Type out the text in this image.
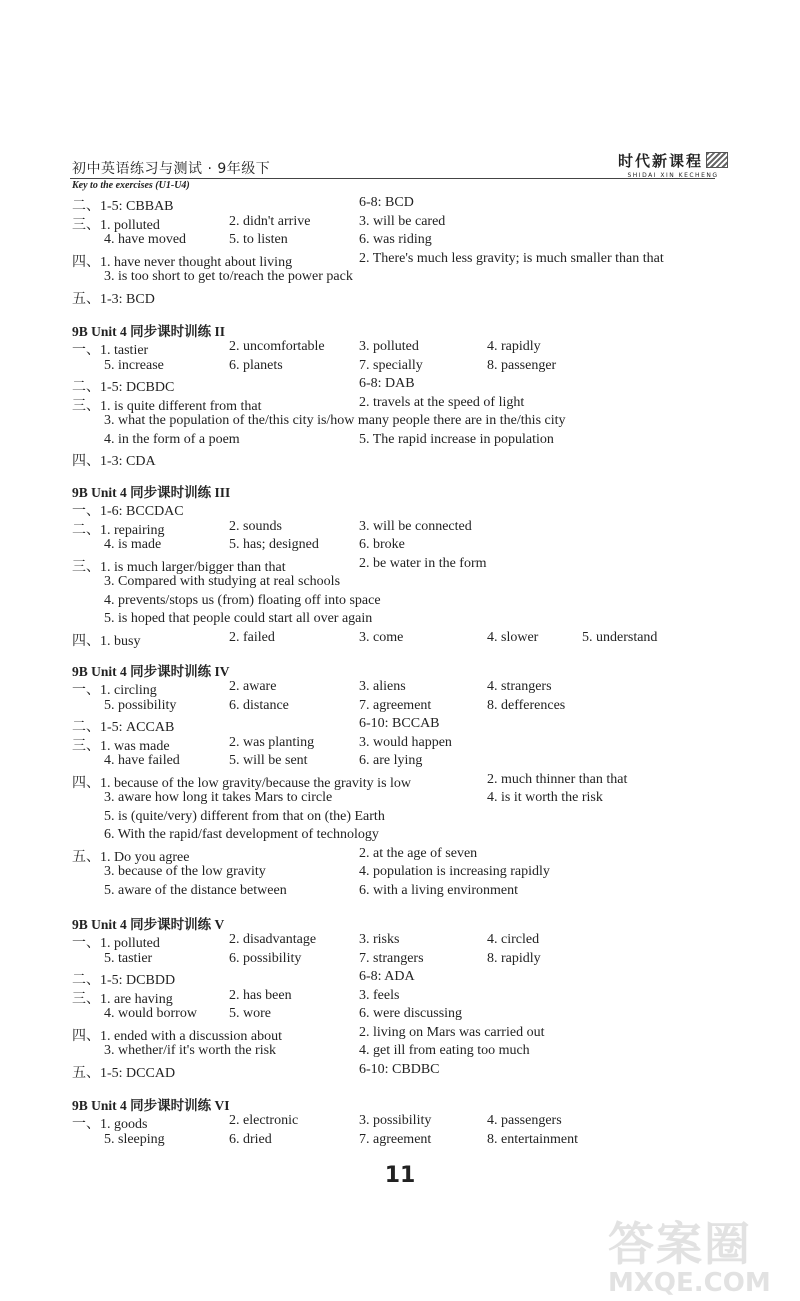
初中英语练习与测试 · 9年级下	时代新课程
SHIDAI XIN KECHENG
Key to the exercises (U1-U4)
二、1-5: CBBAB	6-8: BCD
三、1. polluted	2. didn't arrive	3. will be cared
4. have moved	5. to listen	6. was riding
四、1. have never thought about living	2. There's much less gravity; is much smaller than that
3. is too short to get to/reach the power pack
五、1-3: BCD
9B Unit 4 同步课时训练 II
一、1. tastier	2. uncomfortable 3. polluted	4. rapidly
5. increase	6. planets	7. specially	8. passenger
二、1-5: DCBDC	6-8: DAB
三、1. is quite different from that	2. travels at the speed of light
3. what the population of the/this city is/how many people there are in the/this city
4. in the form of a poem	5. The rapid increase in population
四、1-3: CDA
9B Unit 4 同步课时训练 III
一、1-6: BCCDAC
二、1. repairing	2. sounds	3. will be connected
4. is made	5. has; designed	6. broke
三、1. is much larger/bigger than that	2. be water in the form
3. Compared with studying at real schools
4. prevents/stops us (from) floating off into space
5. is hoped that people could start all over again
四、1. busy	2. failed	3. come	4. slower	5. understand
9B Unit 4 同步课时训练 IV
一、1. circling	2. aware	3. aliens	4. strangers
5. possibility	6. distance	7. agreement	8. defferences
二、1-5: ACCAB	6-10: BCCAB
三、1. was made	2. was planting	3. would happen
4. have failed	5. will be sent	6. are lying
四、1. because of the low gravity/because the gravity is low	2. much thinner than that
3. aware how long it takes Mars to circle	4. is it worth the risk
5. is (quite/very) different from that on (the) Earth
6. With the rapid/fast development of technology
五、1. Do you agree	2. at the age of seven
3. because of the low gravity	4. population is increasing rapidly
5. aware of the distance between	6. with a living environment
9B Unit 4 同步课时训练 V
一、1. polluted	2. disadvantage	3. risks	4. circled
5. tastier	6. possibility	7. strangers	8. rapidly
二、1-5: DCBDD	6-8: ADA
三、1. are having	2. has been	3. feels
4. would borrow 5. wore	6. were discussing
四、1. ended with a discussion about	2. living on Mars was carried out
3. whether/if it's worth the risk	4. get ill from eating too much
五、1-5: DCCAD	6-10: CBDBC
9B Unit 4 同步课时训练 VI
一、1. goods	2. electronic	3. possibility	4. passengers
5. sleeping	6. dried	7. agreement	8. entertainment
11
答案圈
MXQE.COM
